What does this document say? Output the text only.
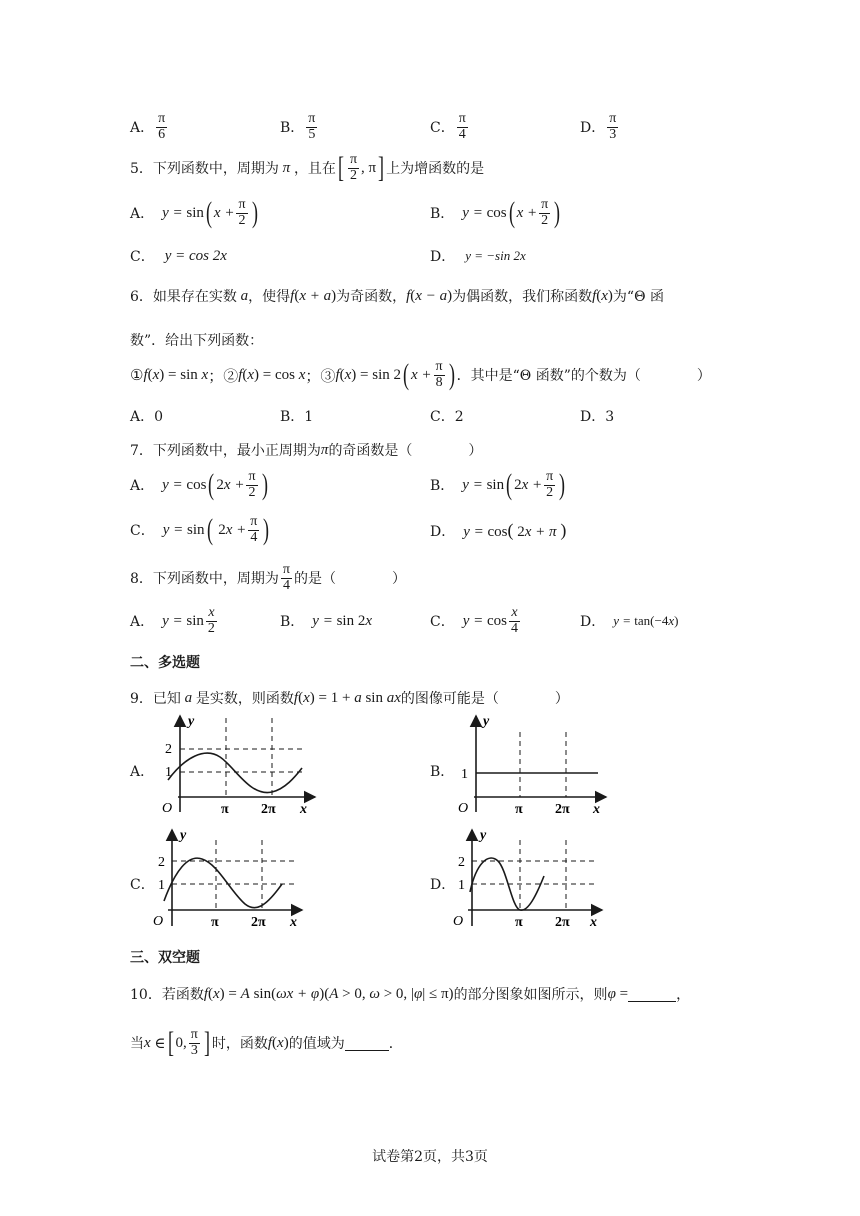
A． $\frac{\pi}{6}$	B． $\frac{\pi}{5}$	C． $\frac{\pi}{4}$	D． $\frac{\pi}{3}$
5．下列函数中，周期为 π ，且在 [ $\frac{\pi}{2}$ , π ] 上为增函数的是
A． y = sin ( $x + \frac{\pi}{2}$ )	B． y = cos ( $x + \frac{\pi}{2}$ )
C． y = cos 2x	D． y = −sin 2x
6．如果存在实数 a ，使得 f(x + a) 为奇函数， f(x − a) 为偶函数，我们称函数 f(x) 为“Θ 函
数”．给出下列函数：
① f ( x ) = sin x ；② f ( x ) = cos x ；③ f ( x ) = sin 2 ( $x + \frac{\pi}{8}$ ) ．其中是“Θ 函数”的个数为（　　　　）
A．0	B．1	C．2	D．3
7．下列函数中，最小正周期为 π 的奇函数是（　　　　）
A． y = cos ( 2 $x + \frac{\pi}{2}$ )	B． y = sin ( 2 $x + \frac{\pi}{2}$ )
C． y = sin (
2 $x + \frac{\pi}{4}$ )	D． y = cos( 2x + π )
8．下列函数中，周期为 $\frac{\pi}{4}$ 的是（　　　　）
A． $y = \sin \frac{x}{2}$	B． y = sin 2x	C． $y = \cos \frac{x}{4}$	D． y = tan(−4x)
二、多选题
9．已知 a 是实数，则函数 f(x) = 1 + a sin ax 的图像可能是（　　　　）
A．	B．
C．	D．
y
2
1
O	π 2π x
y
1
O	π 2π x
y
2
1
O	π 2π x
y
2
1
O	π 2π x
三、双空题
10．若函数 f(x) = A sin(ωx + φ)(A > 0, ω > 0, |φ| ≤ π) 的部分图象如图所示，则 φ =	，
当 x ∈ [ 0, $\frac{\pi}{3}$ ] 时，函数 f(x) 的值域为	．
试卷第2页，共3页
